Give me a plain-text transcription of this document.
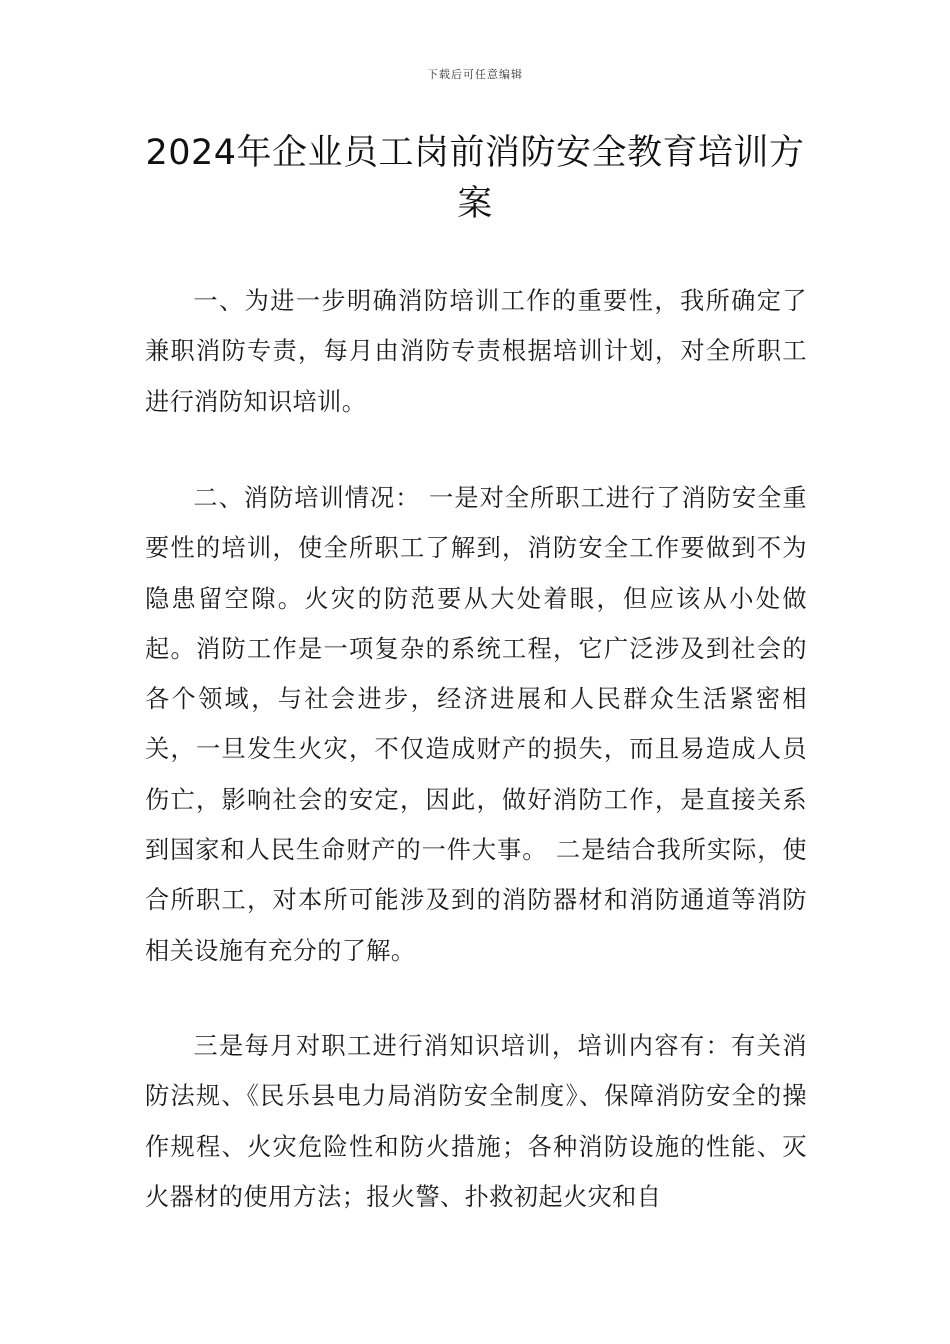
下载后可任意编辑
2024年企业员工岗前消防安全教育培训方案

一、为进一步明确消防培训工作的重要性，我所确定了兼职消防专责，每月由消防专责根据培训计划，对全所职工进行消防知识培训。

二、消防培训情况： 一是对全所职工进行了消防安全重要性的培训，使全所职工了解到，消防安全工作要做到不为隐患留空隙。火灾的防范要从大处着眼，但应该从小处做起。消防工作是一项复杂的系统工程，它广泛涉及到社会的各个领域，与社会进步，经济进展和人民群众生活紧密相关，一旦发生火灾，不仅造成财产的损失，而且易造成人员伤亡，影响社会的安定，因此，做好消防工作，是直接关系到国家和人民生命财产的一件大事。 二是结合我所实际，使合所职工，对本所可能涉及到的消防器材和消防通道等消防相关设施有充分的了解。

三是每月对职工进行消知识培训，培训内容有：有关消防法规、《民乐县电力局消防安全制度》、保障消防安全的操作规程、火灾危险性和防火措施；各种消防设施的性能、灭火器材的使用方法；报火警、扑救初起火灾和自
